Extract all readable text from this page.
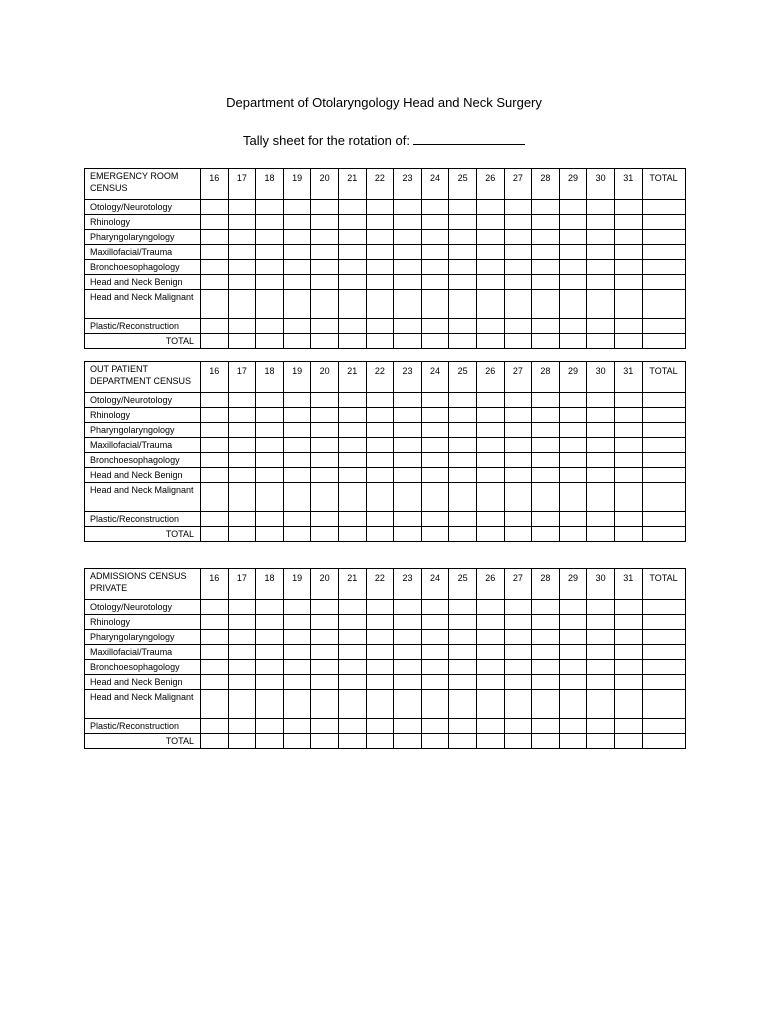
Department of Otolaryngology Head and Neck Surgery
Tally sheet for the rotation of:
EMERGENCY ROOM CENSUS	16	17	18	19	20	21	22	23	24	25	26	27	28	29	30	31	TOTAL
Otology/Neurotology																	
Rhinology																	
Pharyngolaryngology																	
Maxillofacial/Trauma																	
Bronchoesophagology																	
Head and Neck Benign																	
Head and Neck Malignant																	
Plastic/Reconstruction																	
TOTAL																	
OUT PATIENT DEPARTMENT CENSUS	16	17	18	19	20	21	22	23	24	25	26	27	28	29	30	31	TOTAL
Otology/Neurotology																	
Rhinology																	
Pharyngolaryngology																	
Maxillofacial/Trauma																	
Bronchoesophagology																	
Head and Neck Benign																	
Head and Neck Malignant																	
Plastic/Reconstruction																	
TOTAL																	
ADMISSIONS CENSUS PRIVATE	16	17	18	19	20	21	22	23	24	25	26	27	28	29	30	31	TOTAL
Otology/Neurotology																	
Rhinology																	
Pharyngolaryngology																	
Maxillofacial/Trauma																	
Bronchoesophagology																	
Head and Neck Benign																	
Head and Neck Malignant																	
Plastic/Reconstruction																	
TOTAL																	
